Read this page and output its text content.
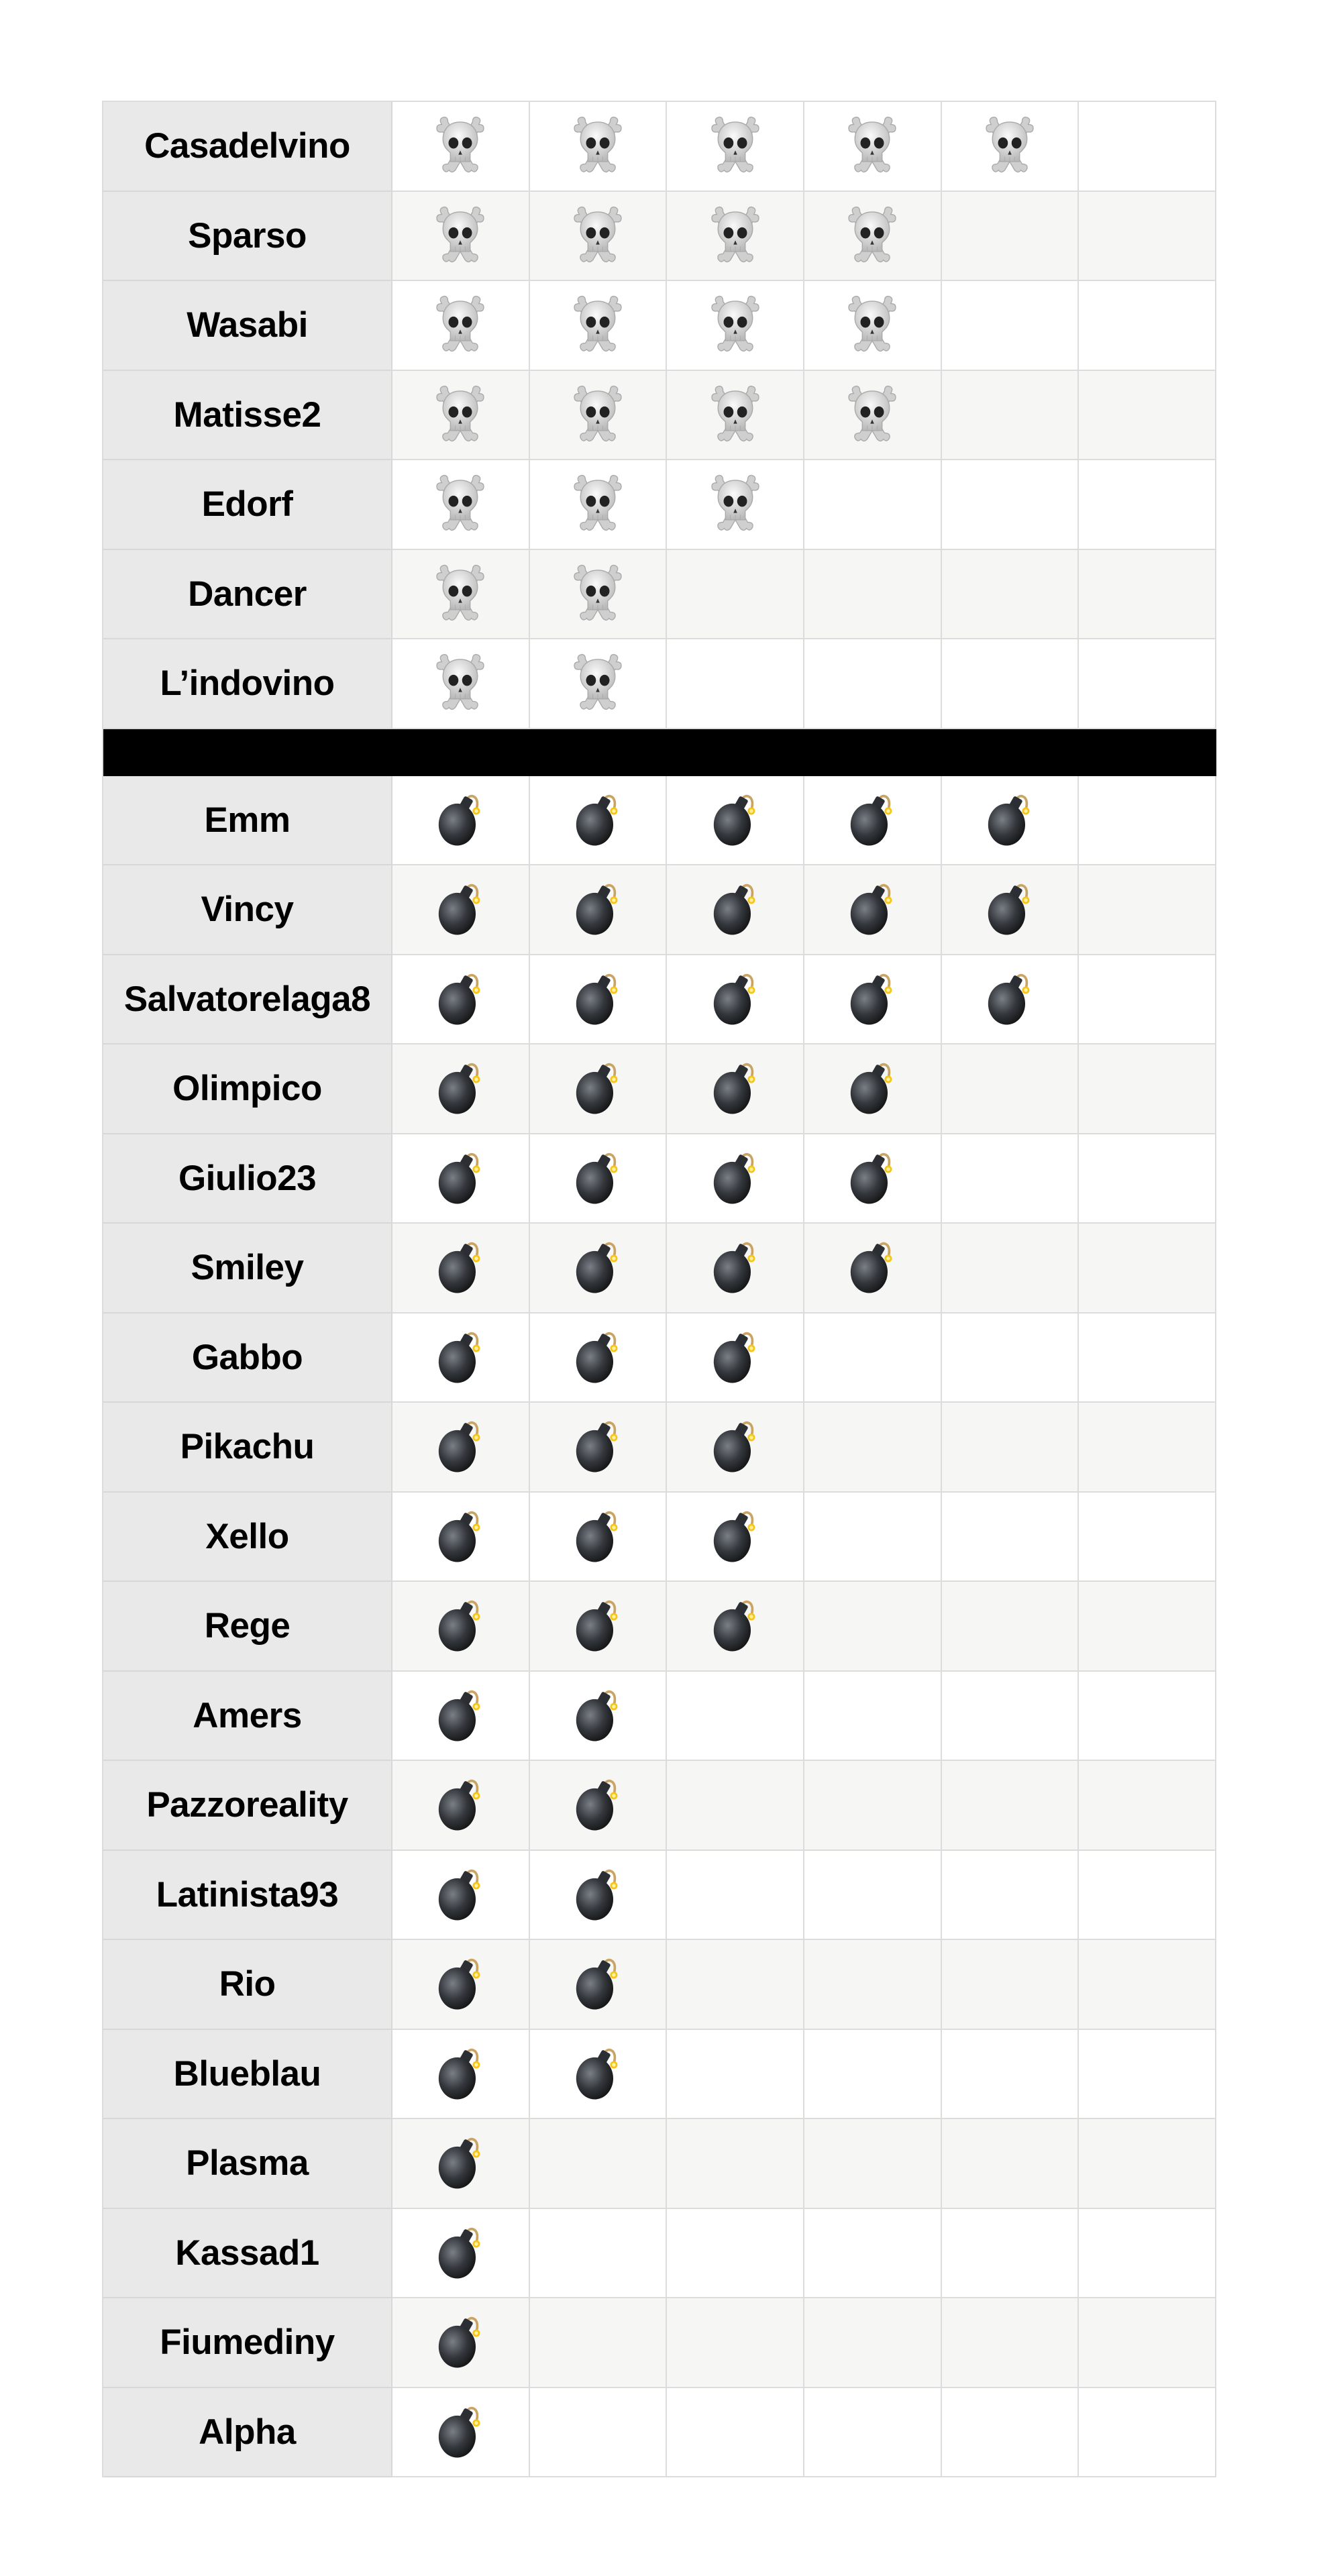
Casadelvino
Sparso
Wasabi
Matisse2
Edorf
Dancer
L’indovino
Emm
Vincy
Salvatorelaga8
Olimpico
Giulio23
Smiley
Gabbo
Pikachu
Xello
Rege
Amers
Pazzoreality
Latinista93
Rio
Blueblau
Plasma
Kassad1
Fiumediny
Alpha
